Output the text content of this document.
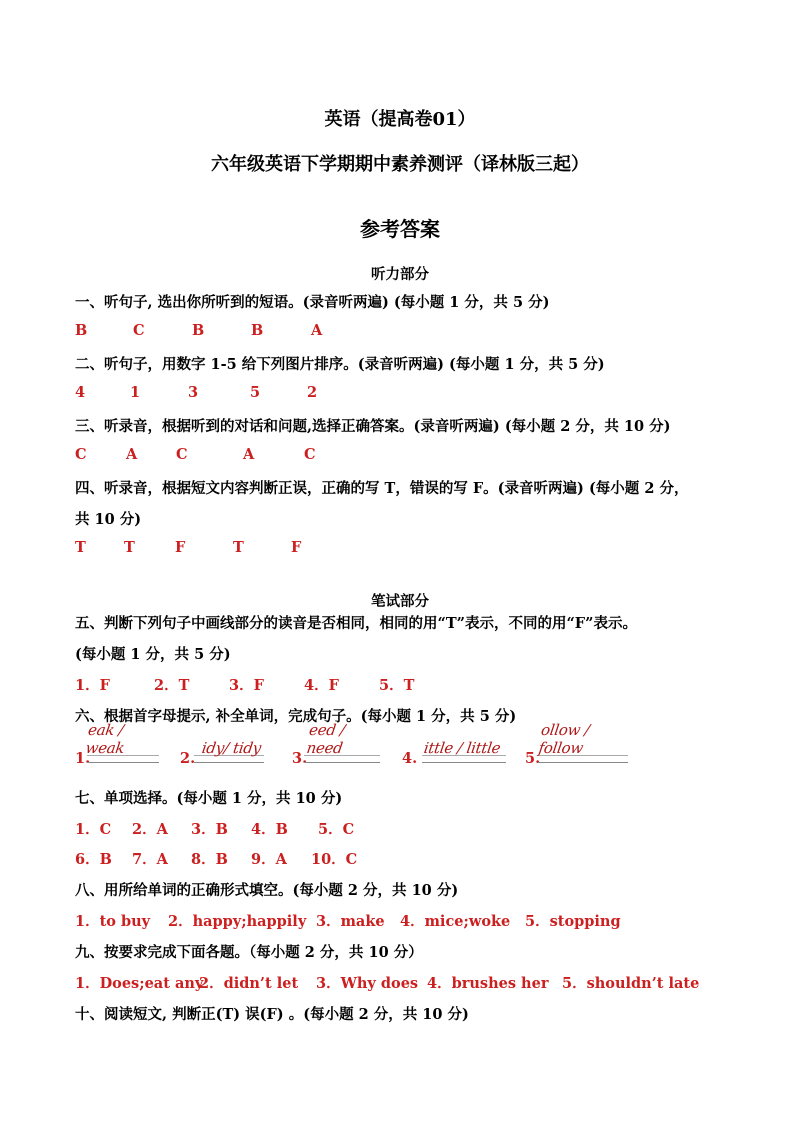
英语（提高卷01）
六年级英语下学期期中素养测评（译林版三起）
参考答案
听力部分
一、听句子, 选出你所听到的短语。(录音听两遍) (每小题 1 分，共 5 分)
B	C	B	B	A
二、听句子，用数字 1-5 给下列图片排序。(录音听两遍) (每小题 1 分，共 5 分)
4	1	3	5	2
三、听录音，根据听到的对话和问题,选择正确答案。(录音听两遍) (每小题 2 分，共 10 分)
C	A	C	A	C
四、听录音，根据短文内容判断正误，正确的写 T，错误的写 F。(录音听两遍) (每小题 2 分，
共 10 分)
T	T	F	T	F
笔试部分
五、判断下列句子中画线部分的读音是否相同，相同的用“T”表示，不同的用“F”表示。
(每小题 1 分，共 5 分)
1．F	2．T	3．F	4．F	5．T
六、根据首字母提示, 补全单词，完成句子。(每小题 1 分，共 5 分)
1.
eak / weak
2.
idy/ tidy
3.
eed / need
4.
ittle / little
5.
ollow / follow
七、单项选择。(每小题 1 分，共 10 分)
1．C 2．A 3．B 4．B 5．C
6．B 7．A 8．B 9．A 10．C
八、用所给单词的正确形式填空。(每小题 2 分，共 10 分)
1．to buy 2．happy;happily 3．make 4．mice;woke 5．stopping
九、按要求完成下面各题。（每小题 2 分，共 10 分）
1．Does;eat any
2．didn’t let 3．Why does 4．brushes her 5．shouldn’t late
十、阅读短文, 判断正(T) 误(F) 。(每小题 2 分，共 10 分)
